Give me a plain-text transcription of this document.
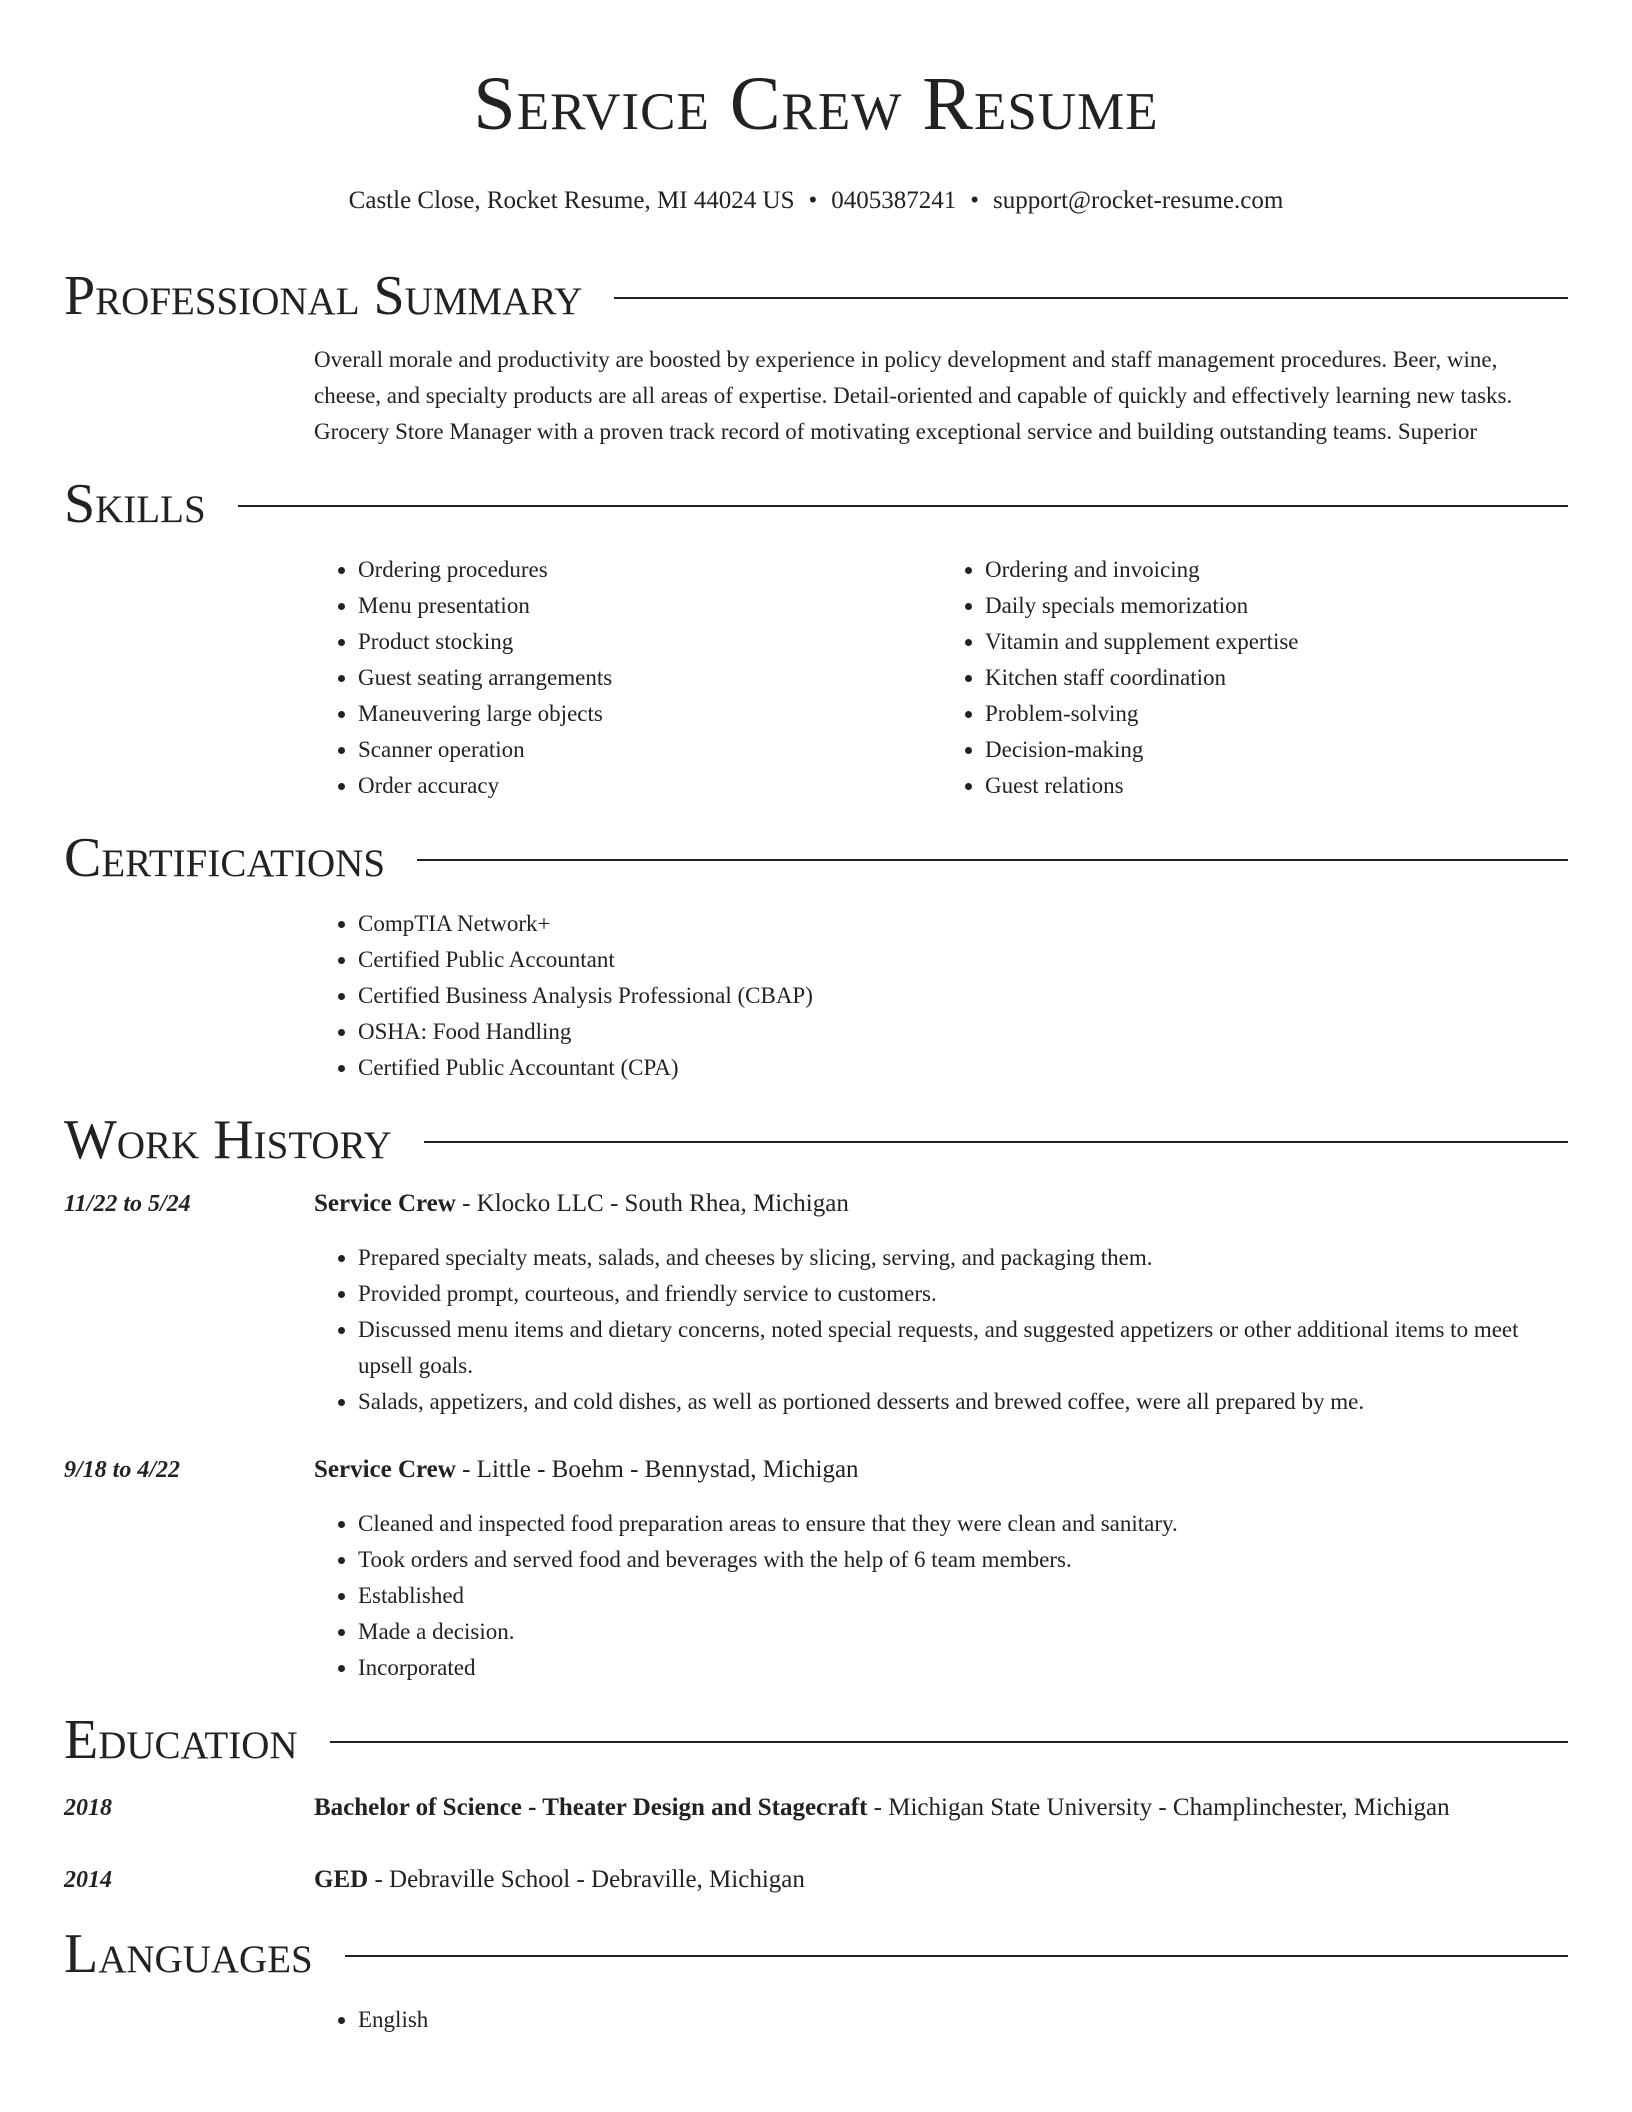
Service Crew Resume
Castle Close, Rocket Resume, MI 44024 US • 0405387241 • support@rocket-resume.com
Professional Summary

Overall morale and productivity are boosted by experience in policy development and staff management procedures. Beer, wine, cheese, and specialty products are all areas of expertise. Detail-oriented and capable of quickly and effectively learning new tasks. Grocery Store Manager with a proven track record of motivating exceptional service and building outstanding teams. Superior

Skills
• Ordering procedures
• Menu presentation
• Product stocking
• Guest seating arrangements
• Maneuvering large objects
• Scanner operation
• Order accuracy
• Ordering and invoicing
• Daily specials memorization
• Vitamin and supplement expertise
• Kitchen staff coordination
• Problem-solving
• Decision-making
• Guest relations
Certifications
• CompTIA Network+
• Certified Public Accountant
• Certified Business Analysis Professional (CBAP)
• OSHA: Food Handling
• Certified Public Accountant (CPA)
Work History
11/22 to 5/24	Service Crew - Klocko LLC - South Rhea, Michigan
• Prepared specialty meats, salads, and cheeses by slicing, serving, and packaging them.
• Provided prompt, courteous, and friendly service to customers.
• Discussed menu items and dietary concerns, noted special requests, and suggested appetizers or other additional items to meet upsell goals.
• Salads, appetizers, and cold dishes, as well as portioned desserts and brewed coffee, were all prepared by me.
9/18 to 4/22	Service Crew - Little - Boehm - Bennystad, Michigan
• Cleaned and inspected food preparation areas to ensure that they were clean and sanitary.
• Took orders and served food and beverages with the help of 6 team members.
• Established
• Made a decision.
• Incorporated
Education
2018	Bachelor of Science - Theater Design and Stagecraft - Michigan State University - Champlinchester, Michigan
2014	GED - Debraville School - Debraville, Michigan
Languages
• English
